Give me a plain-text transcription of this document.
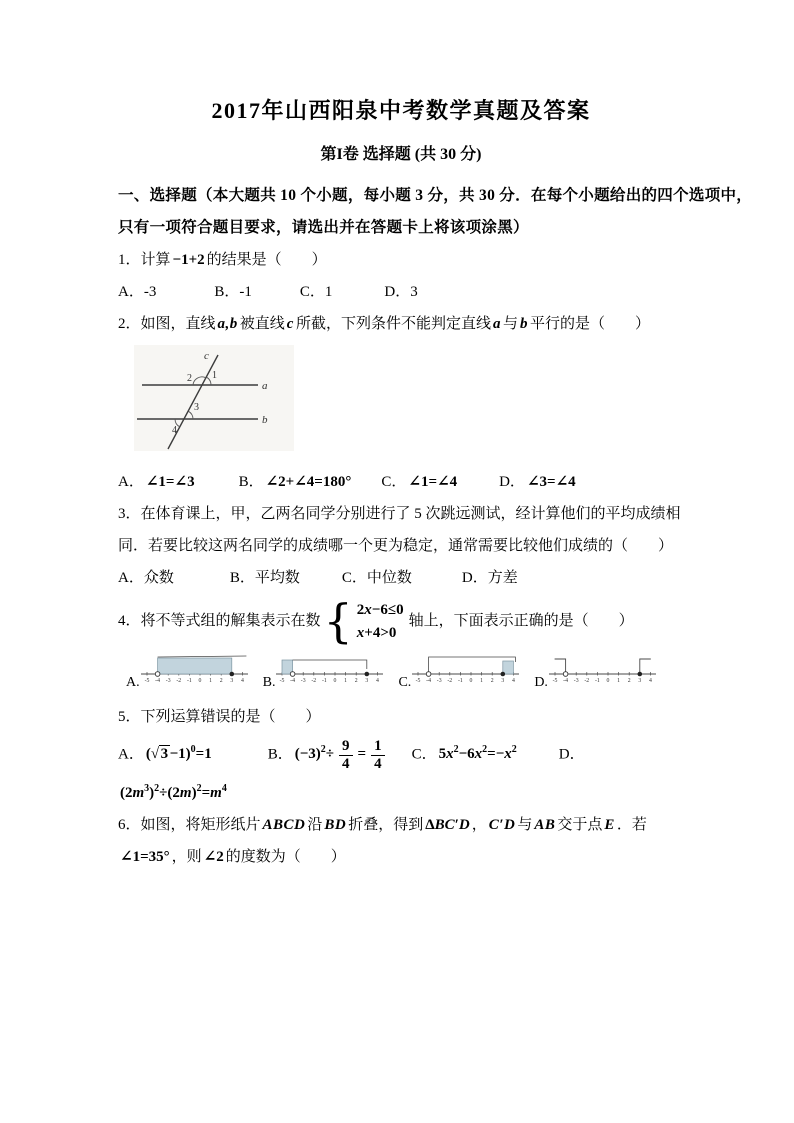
2017年山西阳泉中考数学真题及答案
第I卷 选择题 (共 30 分)
一、选择题（本大题共 10 个小题，每小题 3 分，共 30 分．在每个小题给出的四个选项中，
只有一项符合题目要求，请选出并在答题卡上将该项涂黑）
1．计算 −1+2 的结果是（　　）
A．-3	B．-1	C．1	D．3
2．如图，直线 a,b 被直线 c 所截，下列条件不能判定直线 a 与 b 平行的是（　　）
c
a
b
2 1
3
4
A． ∠1=∠3	B． ∠2+∠4=180° C． ∠1=∠4	D． ∠3=∠4
3．在体育课上，甲，乙两名同学分别进行了 5 次跳远测试，经计算他们的平均成绩相
同．若要比较这两名同学的成绩哪一个更为稳定，通常需要比较他们成绩的（　　）
A．众数	B．平均数	C．中位数	D．方差
4．将不等式组的解集表示在数 { 2x−6≤0
x+4>0
轴上，下面表示正确的是（　　）
A. -5 -4 -3 -2 -1 0 1 2 3 4 B. -5 -4 -3 -2 -1 0 1 2 3 4 C. -5 -4 -3 -2 -1 0 1 2 3 4 D. -5 -4 -3 -2 -1 0 1 2 3 4
5．下列运算错误的是（　　）
A． (√ 3 −1)$^0$=1	B． $(-3)^2\div \frac{9}{4} = \frac{1}{4}$ C． $5x^2-6x^2=-x^2$	D．
$(2m^3)^2\div(2m)^2=m^4$
6．如图，将矩形纸片 ABCD 沿 BD 折叠，得到 ΔBC′D ， C′D 与 AB 交于点 E ．若
∠1=35° ，则 ∠2 的度数为（　　）
